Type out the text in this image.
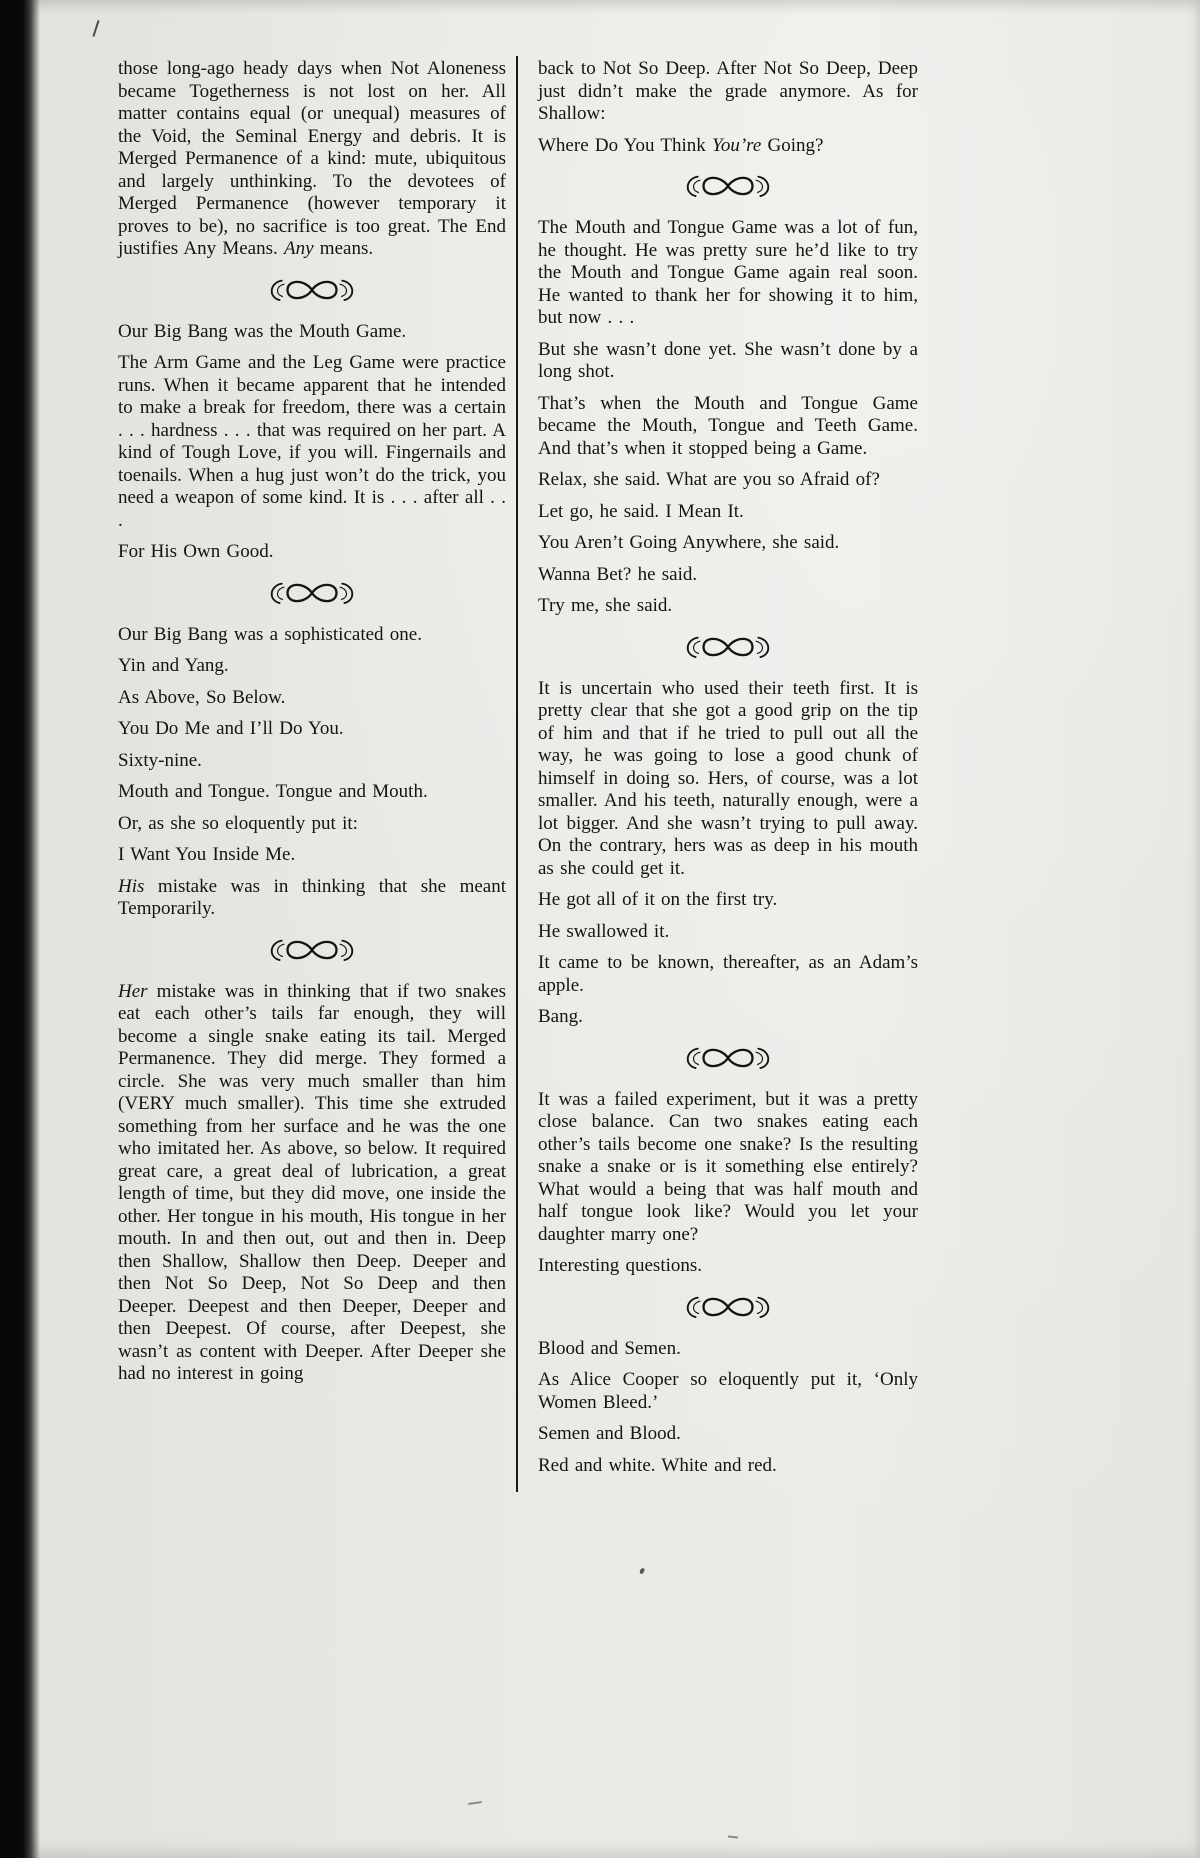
those long-ago heady days when Not Aloneness became Togetherness is not lost on her. All matter contains equal (or unequal) measures of the Void, the Seminal Energy and debris. It is Merged Permanence of a kind: mute, ubiquitous and largely unthinking. To the devotees of Merged Permanence (however temporary it proves to be), no sacrifice is too great. The End justifies Any Means. Any means.

Our Big Bang was the Mouth Game.

The Arm Game and the Leg Game were practice runs. When it became apparent that he intended to make a break for freedom, there was a certain . . . hardness . . . that was required on her part. A kind of Tough Love, if you will. Fingernails and toenails. When a hug just won’t do the trick, you need a weapon of some kind. It is . . . after all . . .

For His Own Good.

Our Big Bang was a sophisticated one.

Yin and Yang.

As Above, So Below.

You Do Me and I’ll Do You.

Sixty-nine.

Mouth and Tongue. Tongue and Mouth.

Or, as she so eloquently put it:

I Want You Inside Me.

His mistake was in thinking that she meant Temporarily.

Her mistake was in thinking that if two snakes eat each other’s tails far enough, they will become a single snake eating its tail. Merged Permanence. They did merge. They formed a circle. She was very much smaller than him (VERY much smaller). This time she extruded something from her surface and he was the one who imitated her. As above, so below. It required great care, a great deal of lubrication, a great length of time, but they did move, one inside the other. Her tongue in his mouth, His tongue in her mouth. In and then out, out and then in. Deep then Shallow, Shallow then Deep. Deeper and then Not So Deep, Not So Deep and then Deeper. Deepest and then Deeper, Deeper and then Deepest. Of course, after Deepest, she wasn’t as content with Deeper. After Deeper she had no interest in going

back to Not So Deep. After Not So Deep, Deep just didn’t make the grade anymore. As for Shallow:

Where Do You Think You’re Going?

The Mouth and Tongue Game was a lot of fun, he thought. He was pretty sure he’d like to try the Mouth and Tongue Game again real soon. He wanted to thank her for showing it to him, but now . . .

But she wasn’t done yet. She wasn’t done by a long shot.

That’s when the Mouth and Tongue Game became the Mouth, Tongue and Teeth Game. And that’s when it stopped being a Game.

Relax, she said. What are you so Afraid of?

Let go, he said. I Mean It.

You Aren’t Going Anywhere, she said.

Wanna Bet? he said.

Try me, she said.

It is uncertain who used their teeth first. It is pretty clear that she got a good grip on the tip of him and that if he tried to pull out all the way, he was going to lose a good chunk of himself in doing so. Hers, of course, was a lot smaller. And his teeth, naturally enough, were a lot bigger. And she wasn’t trying to pull away. On the contrary, hers was as deep in his mouth as she could get it.

He got all of it on the first try.

He swallowed it.

It came to be known, thereafter, as an Adam’s apple.

Bang.

It was a failed experiment, but it was a pretty close balance. Can two snakes eating each other’s tails become one snake? Is the resulting snake a snake or is it something else entirely? What would a being that was half mouth and half tongue look like? Would you let your daughter marry one?

Interesting questions.

Blood and Semen.

As Alice Cooper so eloquently put it, ‘Only Women Bleed.’

Semen and Blood.

Red and white. White and red.
